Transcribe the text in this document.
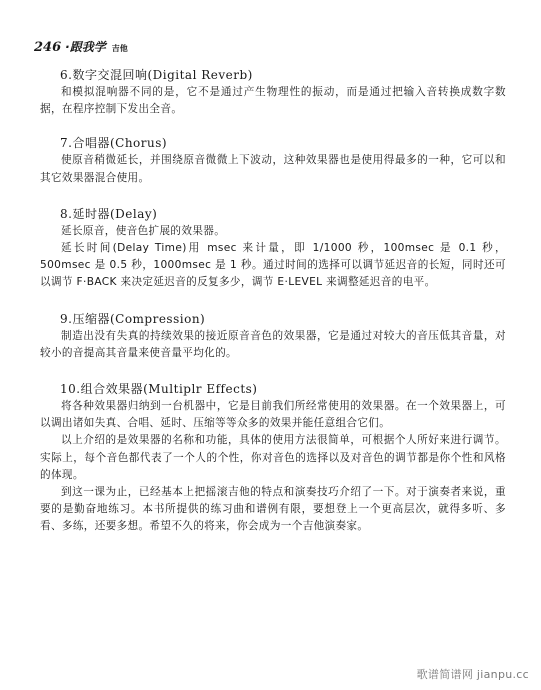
246 ·跟我学 吉他

6.数字交混回响(Digital Reverb)

和模拟混响器不同的是，它不是通过产生物理性的振动，而是通过把输入音转换成数字数据，在程序控制下发出全音。

7.合唱器(Chorus)

使原音稍微延长，并围绕原音微微上下波动，这种效果器也是使用得最多的一种，它可以和其它效果器混合使用。

8.延时器(Delay)

延长原音，使音色扩展的效果器。

延长时间(Delay Time)用 msec 来计量，即 1/1000 秒，100msec 是 0.1 秒，500msec 是 0.5 秒，1000msec 是 1 秒。通过时间的选择可以调节延迟音的长短，同时还可以调节 F·BACK 来决定延迟音的反复多少，调节 E·LEVEL 来调整延迟音的电平。

9.压缩器(Compression)

制造出没有失真的持续效果的接近原音音色的效果器，它是通过对较大的音压低其音量，对较小的音提高其音量来使音量平均化的。

10.组合效果器(Multiplr Effects)

将各种效果器归纳到一台机器中，它是目前我们所经常使用的效果器。在一个效果器上，可以调出诸如失真、合唱、延时、压缩等等众多的效果并能任意组合它们。

以上介绍的是效果器的名称和功能，具体的使用方法很简单，可根据个人所好来进行调节。实际上，每个音色都代表了一个人的个性，你对音色的选择以及对音色的调节都是你个性和风格的体现。

到这一课为止，已经基本上把摇滚吉他的特点和演奏技巧介绍了一下。对于演奏者来说，重要的是勤奋地练习。本书所提供的练习曲和谱例有限，要想登上一个更高层次，就得多听、多看、多练，还要多想。希望不久的将来，你会成为一个吉他演奏家。

歌谱简谱网 jianpu.cc
